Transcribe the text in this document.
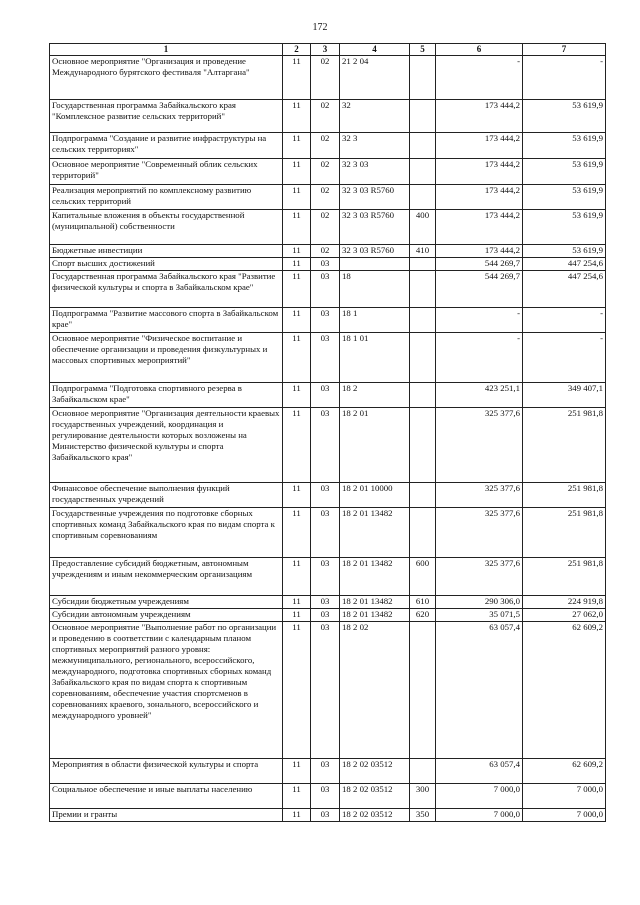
172
1	2	3	4	5	6	7
Основное мероприятие "Организация и проведение Международного бурятского фестиваля "Алтаргана"	11	02	21 2 04		-	-
Государственная программа Забайкальского края "Комплексное развитие сельских территорий"	11	02	32		173 444,2	53 619,9
Подпрограмма "Создание и развитие инфраструктуры на сельских территориях"	11	02	32 3		173 444,2	53 619,9
Основное мероприятие "Современный облик сельских территорий"	11	02	32 3 03		173 444,2	53 619,9
Реализация мероприятий по комплексному развитию сельских территорий	11	02	32 3 03 R5760		173 444,2	53 619,9
Капитальные вложения в объекты государственной (муниципальной) собственности	11	02	32 3 03 R5760	400	173 444,2	53 619,9
Бюджетные инвестиции	11	02	32 3 03 R5760	410	173 444,2	53 619,9
Спорт высших достижений	11	03			544 269,7	447 254,6
Государственная программа Забайкальского края "Развитие физической культуры и спорта в Забайкальском крае"	11	03	18		544 269,7	447 254,6
Подпрограмма "Развитие массового спорта в Забайкальском крае"	11	03	18 1		-	-
Основное мероприятие "Физическое воспитание и обеспечение организации и проведения физкультурных и массовых спортивных мероприятий"	11	03	18 1 01		-	-
Подпрограмма "Подготовка спортивного резерва в Забайкальском крае"	11	03	18 2		423 251,1	349 407,1
Основное мероприятие "Организация деятельности краевых государственных учреждений, координация и регулирование деятельности которых возложены на Министерство физической культуры и спорта Забайкальского края"	11	03	18 2 01		325 377,6	251 981,8
Финансовое обеспечение выполнения функций государственных учреждений	11	03	18 2 01 10000		325 377,6	251 981,8
Государственные учреждения по подготовке сборных спортивных команд Забайкальского края по видам спорта к спортивным соревнованиям	11	03	18 2 01 13482		325 377,6	251 981,8
Предоставление субсидий бюджетным, автономным учреждениям и иным некоммерческим организациям	11	03	18 2 01 13482	600	325 377,6	251 981,8
Субсидии бюджетным учреждениям	11	03	18 2 01 13482	610	290 306,0	224 919,8
Субсидии автономным учреждениям	11	03	18 2 01 13482	620	35 071,5	27 062,0
Основное мероприятие "Выполнение работ по организации и проведению в соответствии с календарным планом спортивных мероприятий разного уровня: межмуниципального, регионального, всероссийского, международного, подготовка спортивных сборных команд Забайкальского края по видам спорта к спортивным соревнованиям, обеспечение участия спортсменов в соревнованиях краевого, зонального, всероссийского и международного уровней"	11	03	18 2 02		63 057,4	62 609,2
Мероприятия в области физической культуры и спорта	11	03	18 2 02 03512		63 057,4	62 609,2
Социальное обеспечение и иные выплаты населению	11	03	18 2 02 03512	300	7 000,0	7 000,0
Премии и гранты	11	03	18 2 02 03512	350	7 000,0	7 000,0
